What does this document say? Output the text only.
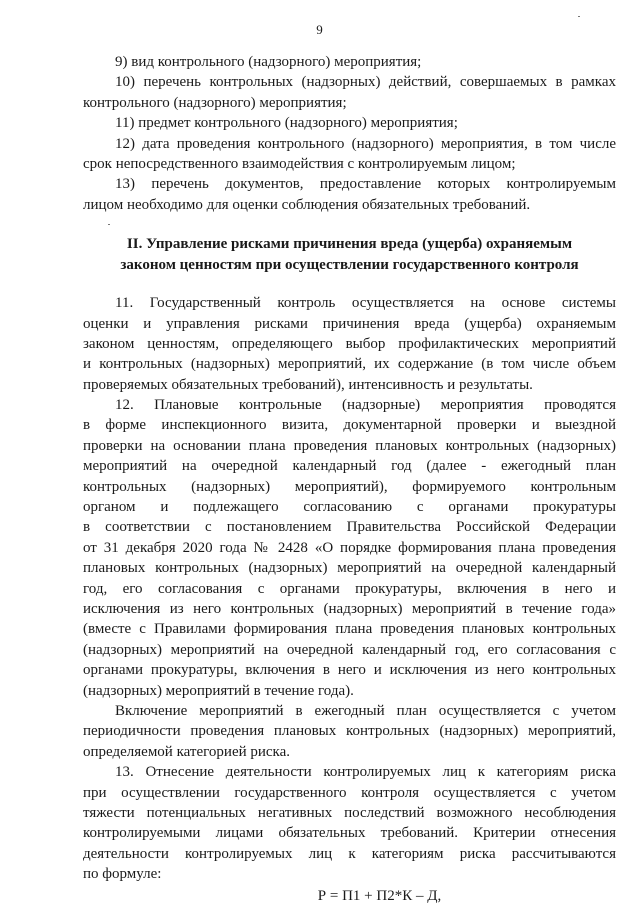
9
9) вид контрольного (надзорного) мероприятия;
10) перечень контрольных (надзорных) действий, совершаемых в рамках
контрольного (надзорного) мероприятия;
11) предмет контрольного (надзорного) мероприятия;
12) дата проведения контрольного (надзорного) мероприятия, в том числе
срок непосредственного взаимодействия с контролируемым лицом;
13) перечень документов, предоставление которых контролируемым
лицом необходимо для оценки соблюдения обязательных требований.
II. Управление рисками причинения вреда (ущерба) охраняемым
законом ценностям при осуществлении государственного контроля
11. Государственный контроль осуществляется на основе системы
оценки и управления рисками причинения вреда (ущерба) охраняемым
законом ценностям, определяющего выбор профилактических мероприятий
и контрольных (надзорных) мероприятий, их содержание (в том числе объем
проверяемых обязательных требований), интенсивность и результаты.
12. Плановые контрольные (надзорные) мероприятия проводятся
в форме инспекционного визита, документарной проверки и выездной
проверки на основании плана проведения плановых контрольных (надзорных)
мероприятий на очередной календарный год (далее - ежегодный план
контрольных (надзорных) мероприятий), формируемого контрольным
органом и подлежащего согласованию с органами прокуратуры
в соответствии с постановлением Правительства Российской Федерации
от 31 декабря 2020 года № 2428 «О порядке формирования плана проведения
плановых контрольных (надзорных) мероприятий на очередной календарный
год, его согласования с органами прокуратуры, включения в него и
исключения из него контрольных (надзорных) мероприятий в течение года»
(вместе с Правилами формирования плана проведения плановых контрольных
(надзорных) мероприятий на очередной календарный год, его согласования с
органами прокуратуры, включения в него и исключения из него контрольных
(надзорных) мероприятий в течение года).
Включение мероприятий в ежегодный план осуществляется с учетом
периодичности проведения плановых контрольных (надзорных) мероприятий,
определяемой категорией риска.
13. Отнесение деятельности контролируемых лиц к категориям риска
при осуществлении государственного контроля осуществляется с учетом
тяжести потенциальных негативных последствий возможного несоблюдения
контролируемыми лицами обязательных требований. Критерии отнесения
деятельности контролируемых лиц к категориям риска рассчитываются
по формуле:
Р = П1 + П2*К – Д,
